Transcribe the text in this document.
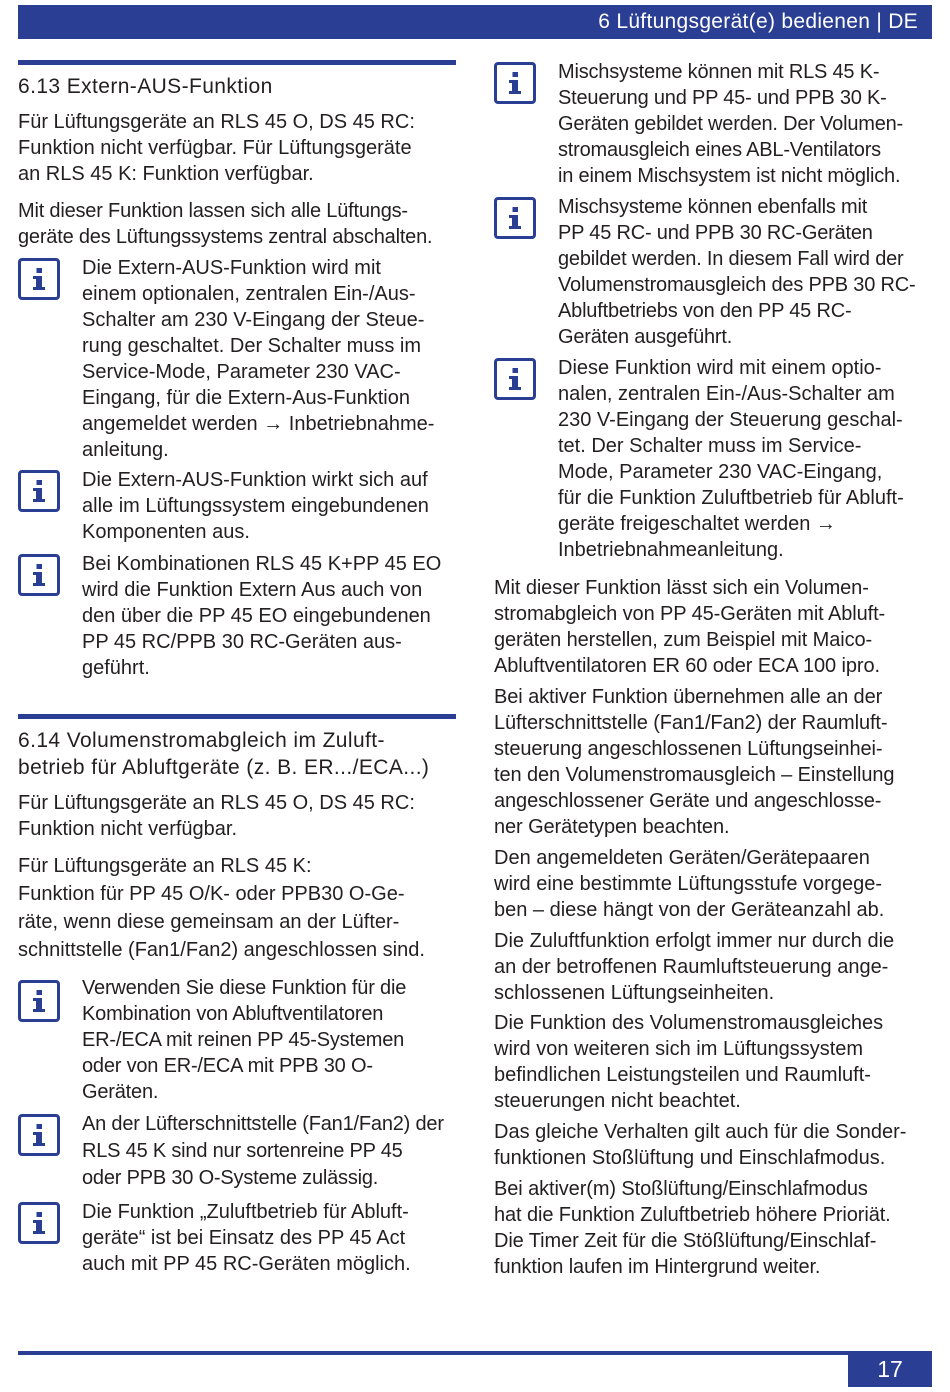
6 Lüftungsgerät(e) bedienen | DE
6.13 Extern-AUS-Funktion
Für Lüftungsgeräte an RLS 45 O, DS 45 RC:
Funktion nicht verfügbar. Für Lüftungsgeräte
an RLS 45 K: Funktion verfügbar.
Mit dieser Funktion lassen sich alle Lüftungs-
geräte des Lüftungssystems zentral abschalten.
Die Extern-AUS-Funktion wird mit
einem optionalen, zentralen Ein-/Aus-
Schalter am 230 V-Eingang der Steue-
rung geschaltet. Der Schalter muss im
Service-Mode, Parameter 230 VAC-
Eingang, für die Extern-Aus-Funktion
angemeldet werden → Inbetriebnahme-
anleitung.
Die Extern-AUS-Funktion wirkt sich auf
alle im Lüftungssystem eingebundenen
Komponenten aus.
Bei Kombinationen RLS 45 K+PP 45 EO
wird die Funktion Extern Aus auch von
den über die PP 45 EO eingebundenen
PP 45 RC/PPB 30 RC-Geräten aus-
geführt.
6.14 Volumenstromabgleich im Zuluft-
betrieb für Abluftgeräte (z. B. ER.../ECA...)
Für Lüftungsgeräte an RLS 45 O, DS 45 RC:
Funktion nicht verfügbar.
Für Lüftungsgeräte an RLS 45 K:
Funktion für PP 45 O/K- oder PPB30 O-Ge-
räte, wenn diese gemeinsam an der Lüfter-
schnittstelle (Fan1/Fan2) angeschlossen sind.
Verwenden Sie diese Funktion für die
Kombination von Abluftventilatoren
ER-/ECA mit reinen PP 45-Systemen
oder von ER-/ECA mit PPB 30 O-
Geräten.
An der Lüfterschnittstelle (Fan1/Fan2) der
RLS 45 K sind nur sortenreine PP 45
oder PPB 30 O-Systeme zulässig.
Die Funktion „Zuluftbetrieb für Abluft-
geräte“ ist bei Einsatz des PP 45 Act
auch mit PP 45 RC-Geräten möglich.
Mischsysteme können mit RLS 45 K-
Steuerung und PP 45- und PPB 30 K-
Geräten gebildet werden. Der Volumen-
stromausgleich eines ABL-Ventilators
in einem Mischsystem ist nicht möglich.
Mischsysteme können ebenfalls mit
PP 45 RC- und PPB 30 RC-Geräten
gebildet werden. In diesem Fall wird der
Volumenstromausgleich des PPB 30 RC-
Abluftbetriebs von den PP 45 RC-
Geräten ausgeführt.
Diese Funktion wird mit einem optio-
nalen, zentralen Ein-/Aus-Schalter am
230 V-Eingang der Steuerung geschal-
tet. Der Schalter muss im Service-
Mode, Parameter 230 VAC-Eingang,
für die Funktion Zuluftbetrieb für Abluft-
geräte freigeschaltet werden →
Inbetriebnahmeanleitung.
Mit dieser Funktion lässt sich ein Volumen-
stromabgleich von PP 45-Geräten mit Abluft-
geräten herstellen, zum Beispiel mit Maico-
Abluftventilatoren ER 60 oder ECA 100 ipro.
Bei aktiver Funktion übernehmen alle an der
Lüfterschnittstelle (Fan1/Fan2) der Raumluft-
steuerung angeschlossenen Lüftungseinhei-
ten den Volumenstromausgleich – Einstellung
angeschlossener Geräte und angeschlosse-
ner Gerätetypen beachten.
Den angemeldeten Geräten/Gerätepaaren
wird eine bestimmte Lüftungsstufe vorgege-
ben – diese hängt von der Geräteanzahl ab.
Die Zuluftfunktion erfolgt immer nur durch die
an der betroffenen Raumluftsteuerung ange-
schlossenen Lüftungseinheiten.
Die Funktion des Volumenstromausgleiches
wird von weiteren sich im Lüftungssystem
befindlichen Leistungsteilen und Raumluft-
steuerungen nicht beachtet.
Das gleiche Verhalten gilt auch für die Sonder-
funktionen Stoßlüftung und Einschlafmodus.
Bei aktiver(m) Stoßlüftung/Einschlafmodus
hat die Funktion Zuluftbetrieb höhere Prioriät.
Die Timer Zeit für die Stößlüftung/Einschlaf-
funktion laufen im Hintergrund weiter.
17
